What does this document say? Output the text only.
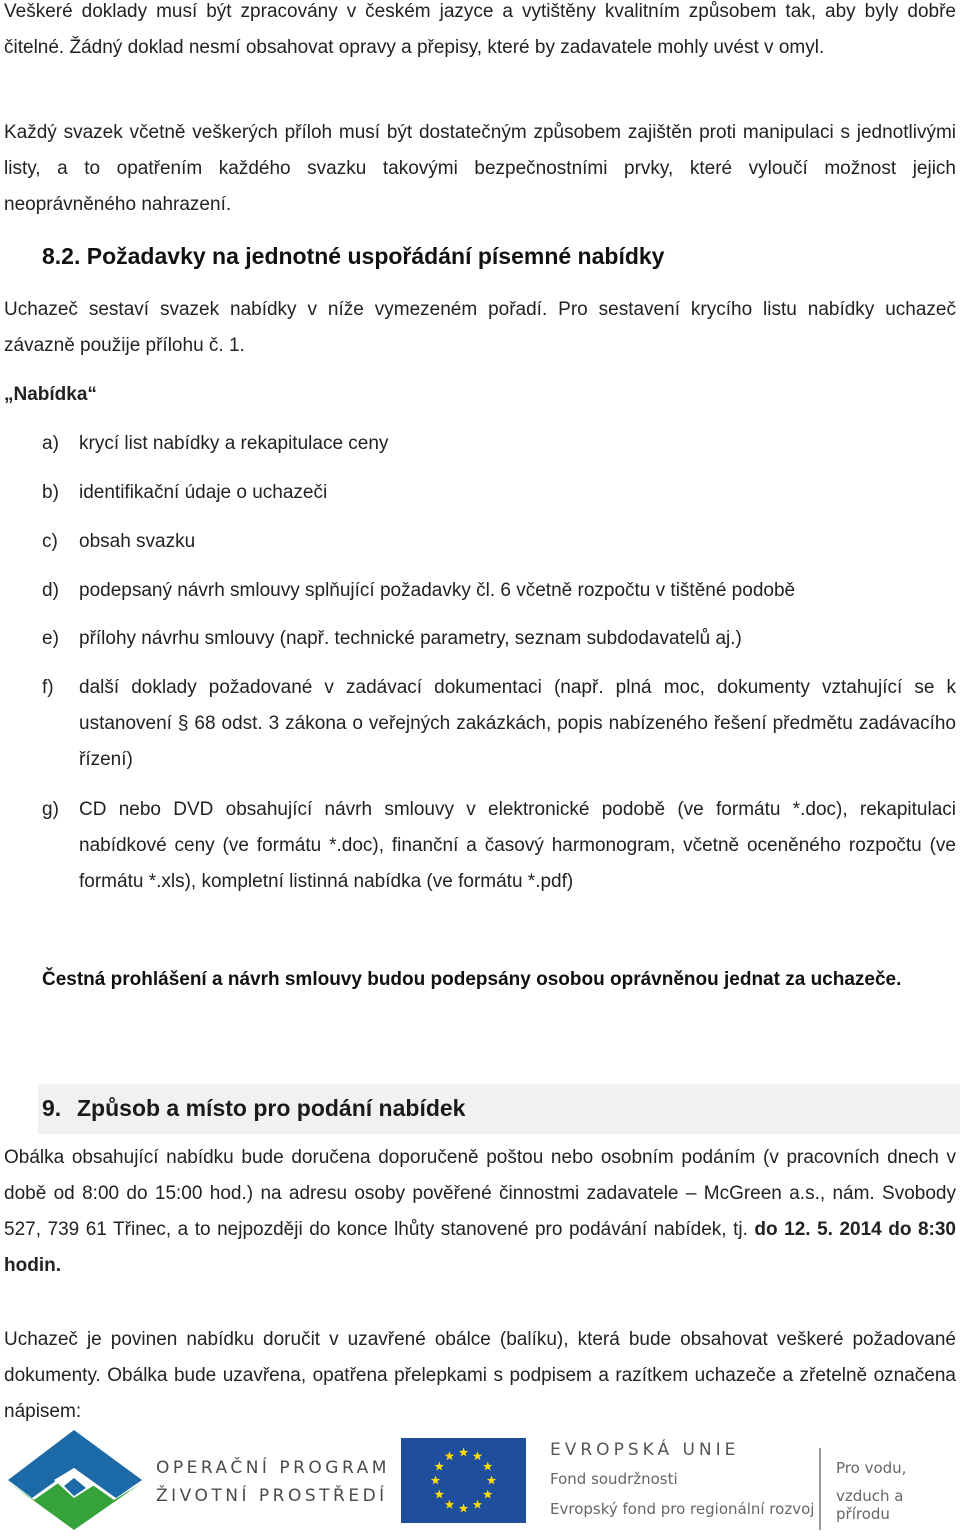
Veškeré doklady musí být zpracovány v českém jazyce a vytištěny kvalitním způsobem tak, aby byly dobře čitelné. Žádný doklad nesmí obsahovat opravy a přepisy, které by zadavatele mohly uvést v omyl.

Každý svazek včetně veškerých příloh musí být dostatečným způsobem zajištěn proti manipulaci s jednotlivými listy, a to opatřením každého svazku takovými bezpečnostními prvky, které vyloučí možnost jejich neoprávněného nahrazení.

8.2. Požadavky na jednotné uspořádání písemné nabídky

Uchazeč sestaví svazek nabídky v níže vymezeném pořadí. Pro sestavení krycího listu nabídky uchazeč závazně použije přílohu č. 1.

„Nabídka“
a)	krycí list nabídky a rekapitulace ceny
b)	identifikační údaje o uchazeči
c)	obsah svazku
d)	podepsaný návrh smlouvy splňující požadavky čl. 6 včetně rozpočtu v tištěné podobě
e)	přílohy návrhu smlouvy (např. technické parametry, seznam subdodavatelů aj.)
f)	další doklady požadované v zadávací dokumentaci (např. plná moc, dokumenty vztahující se k ustanovení § 68 odst. 3 zákona o veřejných zakázkách, popis nabízeného řešení předmětu zadávacího řízení)
g)	CD nebo DVD obsahující návrh smlouvy v elektronické podobě (ve formátu *.doc), rekapitulaci nabídkové ceny (ve formátu *.doc), finanční a časový harmonogram, včetně oceněného rozpočtu (ve formátu *.xls), kompletní listinná nabídka (ve formátu *.pdf)

Čestná prohlášení a návrh smlouvy budou podepsány osobou oprávněnou jednat za uchazeče.

9. Způsob a místo pro podání nabídek

Obálka obsahující nabídku bude doručena doporučeně poštou nebo osobním podáním (v pracovních dnech v době od 8:00 do 15:00 hod.) na adresu osoby pověřené činnostmi zadavatele – McGreen a.s., nám. Svobody 527, 739 61 Třinec, a to nejpozději do konce lhůty stanovené pro podávání nabídek, tj. do 12. 5. 2014 do 8:30 hodin.

Uchazeč je povinen nabídku doručit v uzavřené obálce (balíku), která bude obsahovat veškeré požadované dokumenty. Obálka bude uzavřena, opatřena přelepkami s podpisem a razítkem uchazeče a zřetelně označena nápisem:

OPERAČNÍ PROGRAM
ŽIVOTNÍ PROSTŘEDÍ
EVROPSKÁ UNIE
Fond soudržnosti
Evropský fond pro regionální rozvoj
Pro vodu,
vzduch a přírodu
